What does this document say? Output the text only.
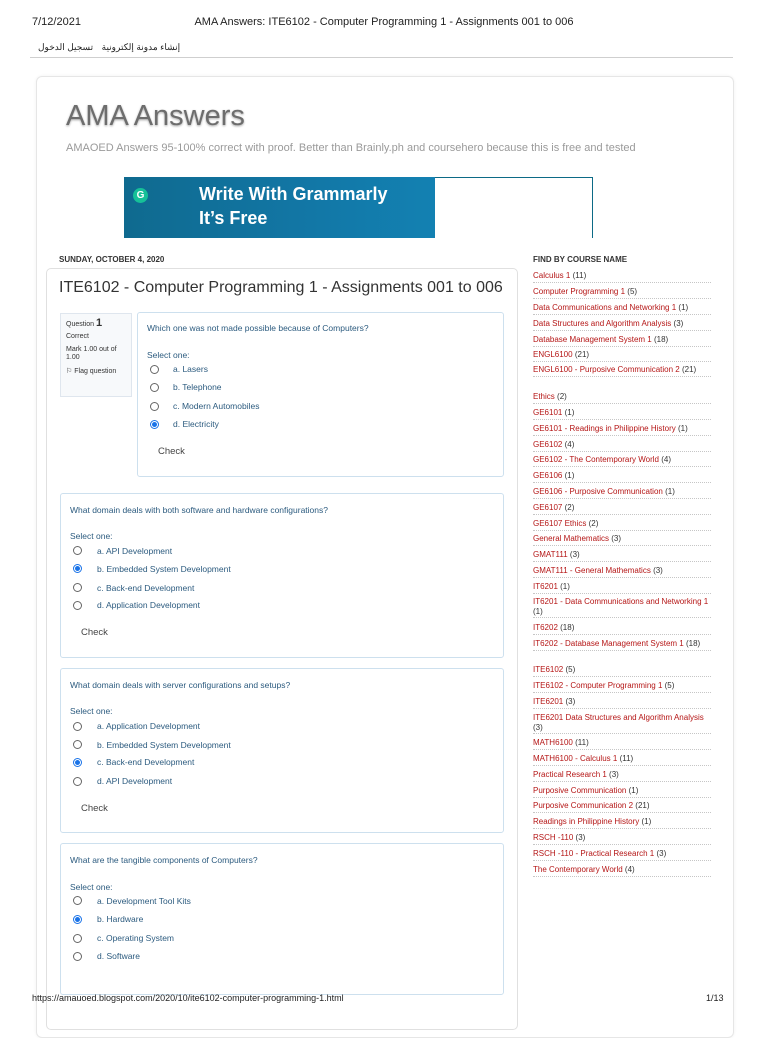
7/12/2021	AMA Answers: ITE6102 - Computer Programming 1 - Assignments 001 to 006
إنشاء مدونة إلكترونية تسجيل الدخول
AMA Answers
AMAOED Answers 95-100% correct with proof. Better than Brainly.ph and coursehero because this is free and tested
G	Write With Grammarly
It’s Free
SUNDAY, OCTOBER 4, 2020
ITE6102 - Computer Programming 1 - Assignments 001 to 006
Question 1
Correct
Mark 1.00 out of 1.00
⚐ Flag question
Which one was not made possible because of Computers?
Select one:
a. Lasers
b. Telephone
c. Modern Automobiles
d. Electricity
Check
What domain deals with both software and hardware configurations?
Select one:
a. API Development
b. Embedded System Development
c. Back-end Development
d. Application Development
Check
What domain deals with server configurations and setups?
Select one:
a. Application Development
b. Embedded System Development
c. Back-end Development
d. API Development
Check
What are the tangible components of Computers?
Select one:
a. Development Tool Kits
b. Hardware
c. Operating System
d. Software
FIND BY COURSE NAME
Calculus 1 (11)
Computer Programming 1 (5)
Data Communications and Networking 1 (1)
Data Structures and Algorithm Analysis (3)
Database Management System 1 (18)
ENGL6100 (21)
ENGL6100 - Purposive Communication 2 (21)
Ethics (2)
GE6101 (1)
GE6101 - Readings in Philippine History (1)
GE6102 (4)
GE6102 - The Contemporary World (4)
GE6106 (1)
GE6106 - Purposive Communication (1)
GE6107 (2)
GE6107 Ethics (2)
General Mathematics (3)
GMAT111 (3)
GMAT111 - General Mathematics (3)
IT6201 (1)
IT6201 - Data Communications and Networking 1 (1)
IT6202 (18)
IT6202 - Database Management System 1 (18)
ITE6102 (5)
ITE6102 - Computer Programming 1 (5)
ITE6201 (3)
ITE6201 Data Structures and Algorithm Analysis (3)
MATH6100 (11)
MATH6100 - Calculus 1 (11)
Practical Research 1 (3)
Purposive Communication (1)
Purposive Communication 2 (21)
Readings in Philippine History (1)
RSCH -110 (3)
RSCH -110 - Practical Research 1 (3)
The Contemporary World (4)
https://amauoed.blogspot.com/2020/10/ite6102-computer-programming-1.html	1/13
